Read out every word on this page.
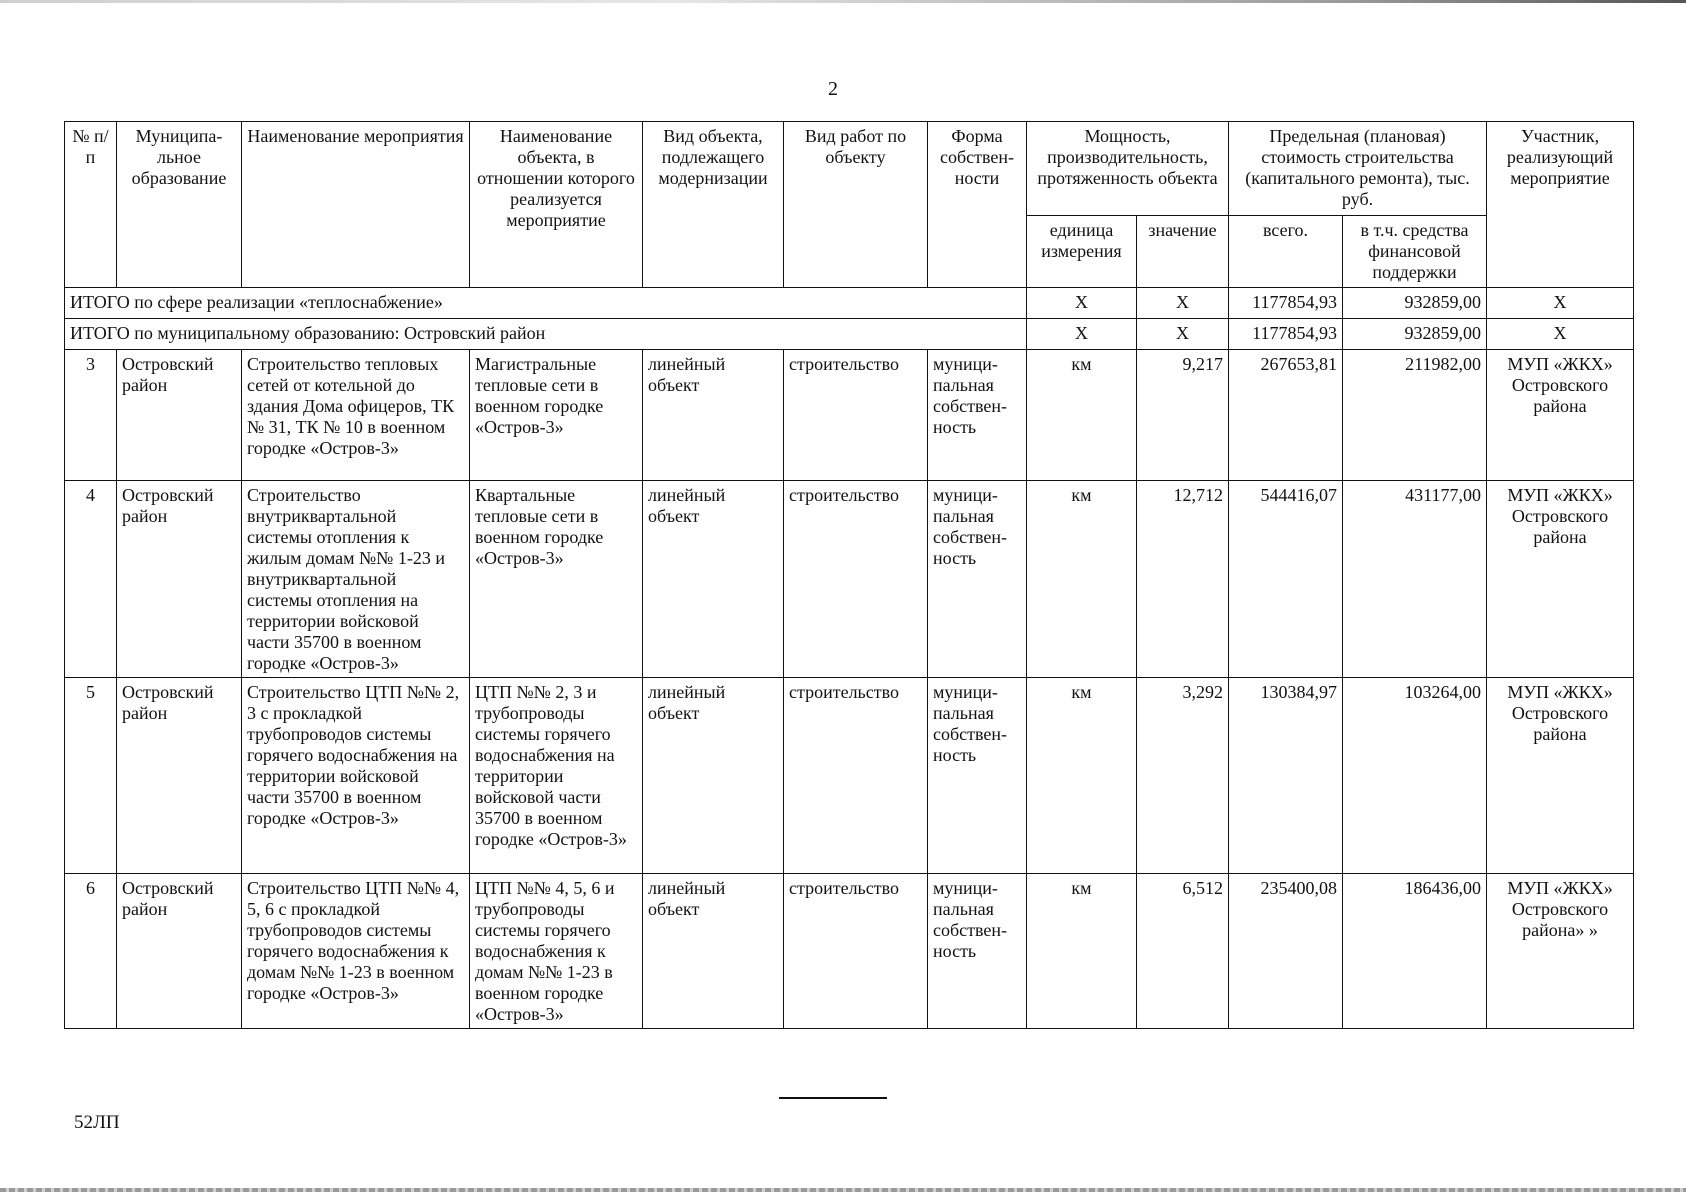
2
№ п/п	Муниципа-льное образование	Наименование мероприятия	Наименование объекта, в отношении которого реализуется мероприятие	Вид объекта, подлежащего модернизации	Вид работ по объекту	Форма собствен-ности	Мощность, производительность, протяженность объекта		Предельная (плановая) стоимость строительства (капитального ремонта), тыс. руб.		Участник, реализующий мероприятие
							единица измерения	значение	всего.	в т.ч. средства финансовой поддержки	
ИТОГО по сфере реализации «теплоснабжение»							Х	Х	1177854,93	932859,00	Х
ИТОГО по муниципальному образованию: Островский район							Х	Х	1177854,93	932859,00	Х
3	Островский район	Строительство тепловых сетей от котельной до здания Дома офицеров, ТК № 31, ТК № 10 в военном городке «Остров-3»	Магистральные тепловые сети в военном городке «Остров-3»	линейный объект	строительство	муници-пальная собствен-ность	км	9,217	267653,81	211982,00	МУП «ЖКХ» Островского района
4	Островский район	Строительство внутриквартальной системы отопления к жилым домам №№ 1-23 и внутриквартальной системы отопления на территории войсковой части 35700 в военном городке «Остров-3»	Квартальные тепловые сети в военном городке «Остров-3»	линейный объект	строительство	муници-пальная собствен-ность	км	12,712	544416,07	431177,00	МУП «ЖКХ» Островского района
5	Островский район	Строительство ЦТП №№ 2, 3 с прокладкой трубопроводов системы горячего водоснабжения на территории войсковой части 35700 в военном городке «Остров-3»	ЦТП №№ 2, 3 и трубопроводы системы горячего водоснабжения на территории войсковой части 35700 в военном городке «Остров-3»	линейный объект	строительство	муници-пальная собствен-ность	км	3,292	130384,97	103264,00	МУП «ЖКХ» Островского района
6	Островский район	Строительство ЦТП №№ 4, 5, 6 с прокладкой трубопроводов системы горячего водоснабжения к домам №№ 1-23 в военном городке «Остров-3»	ЦТП №№ 4, 5, 6 и трубопроводы системы горячего водоснабжения к домам №№ 1-23 в военном городке «Остров-3»	линейный объект	строительство	муници-пальная собствен-ность	км	6,512	235400,08	186436,00	МУП «ЖКХ» Островского района» »
52ЛП
